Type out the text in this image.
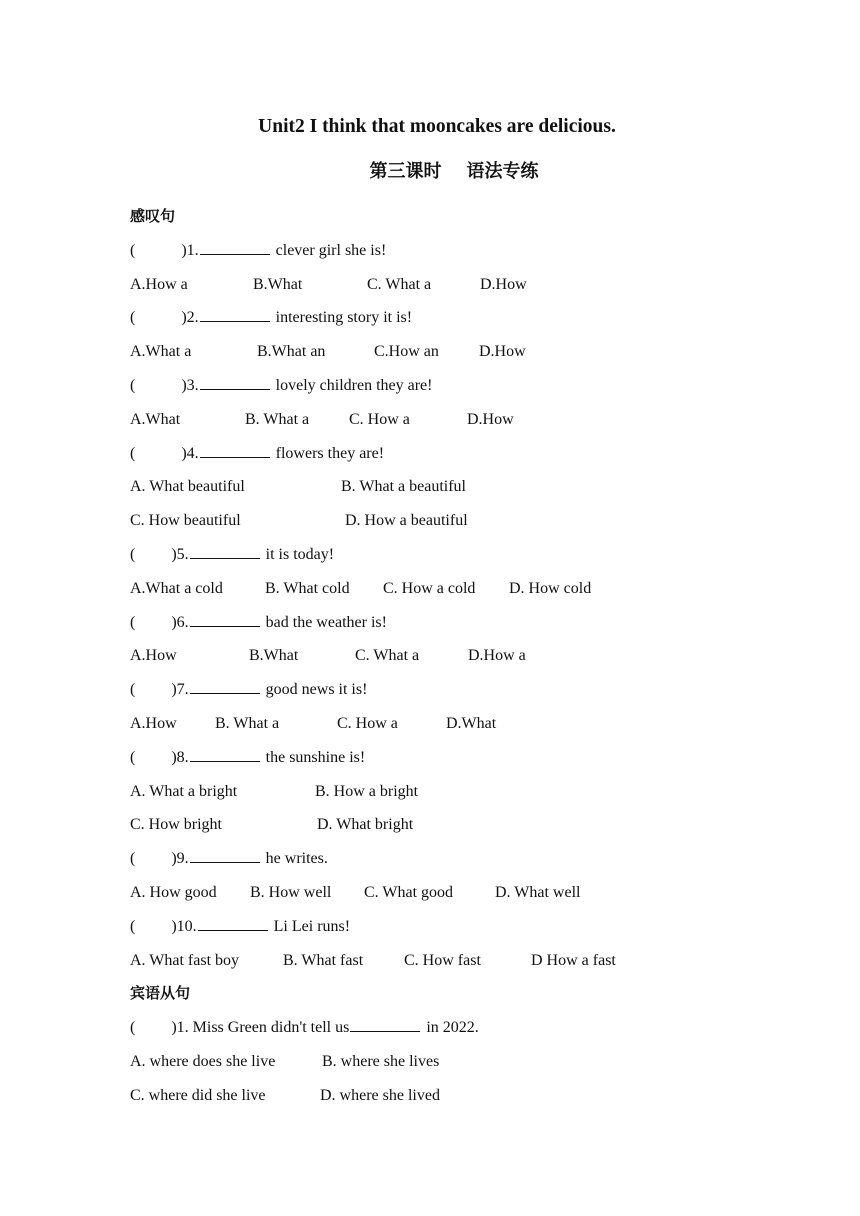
Unit2 I think that mooncakes are delicious.
第三课时    语法专练
感叹句
(	)1.	clever girl she is!
A.How a	B.What	C. What a	D.How
(	)2.	interesting story it is!
A.What a	B.What an	C.How an	D.How
(	)3.	lovely children they are!
A.What	B. What a C. How a	D.How
(	)4.	flowers they are!
A. What beautiful	B. What a beautiful
C. How beautiful	D. How a beautiful
( )5.	it is today!
A.What a cold	B. What cold C. How a cold D. How cold
( )6.	bad the weather is!
A.How	B.What	C. What a	D.How a
( )7.	good news it is!
A.How B. What a	C. How a	D.What
( )8.	the sunshine is!
A. What a bright	B. How a bright
C. How bright	D. What bright
( )9.	he writes.
A. How good B. How well C. What good	D. What well
( )10.	Li Lei runs!
A. What fast boy	B. What fast	C. How fast	D How a fast
宾语从句
( )1. Miss Green didn't tell us	in 2022.
A. where does she live	B. where she lives
C. where did she live	D. where she lived
